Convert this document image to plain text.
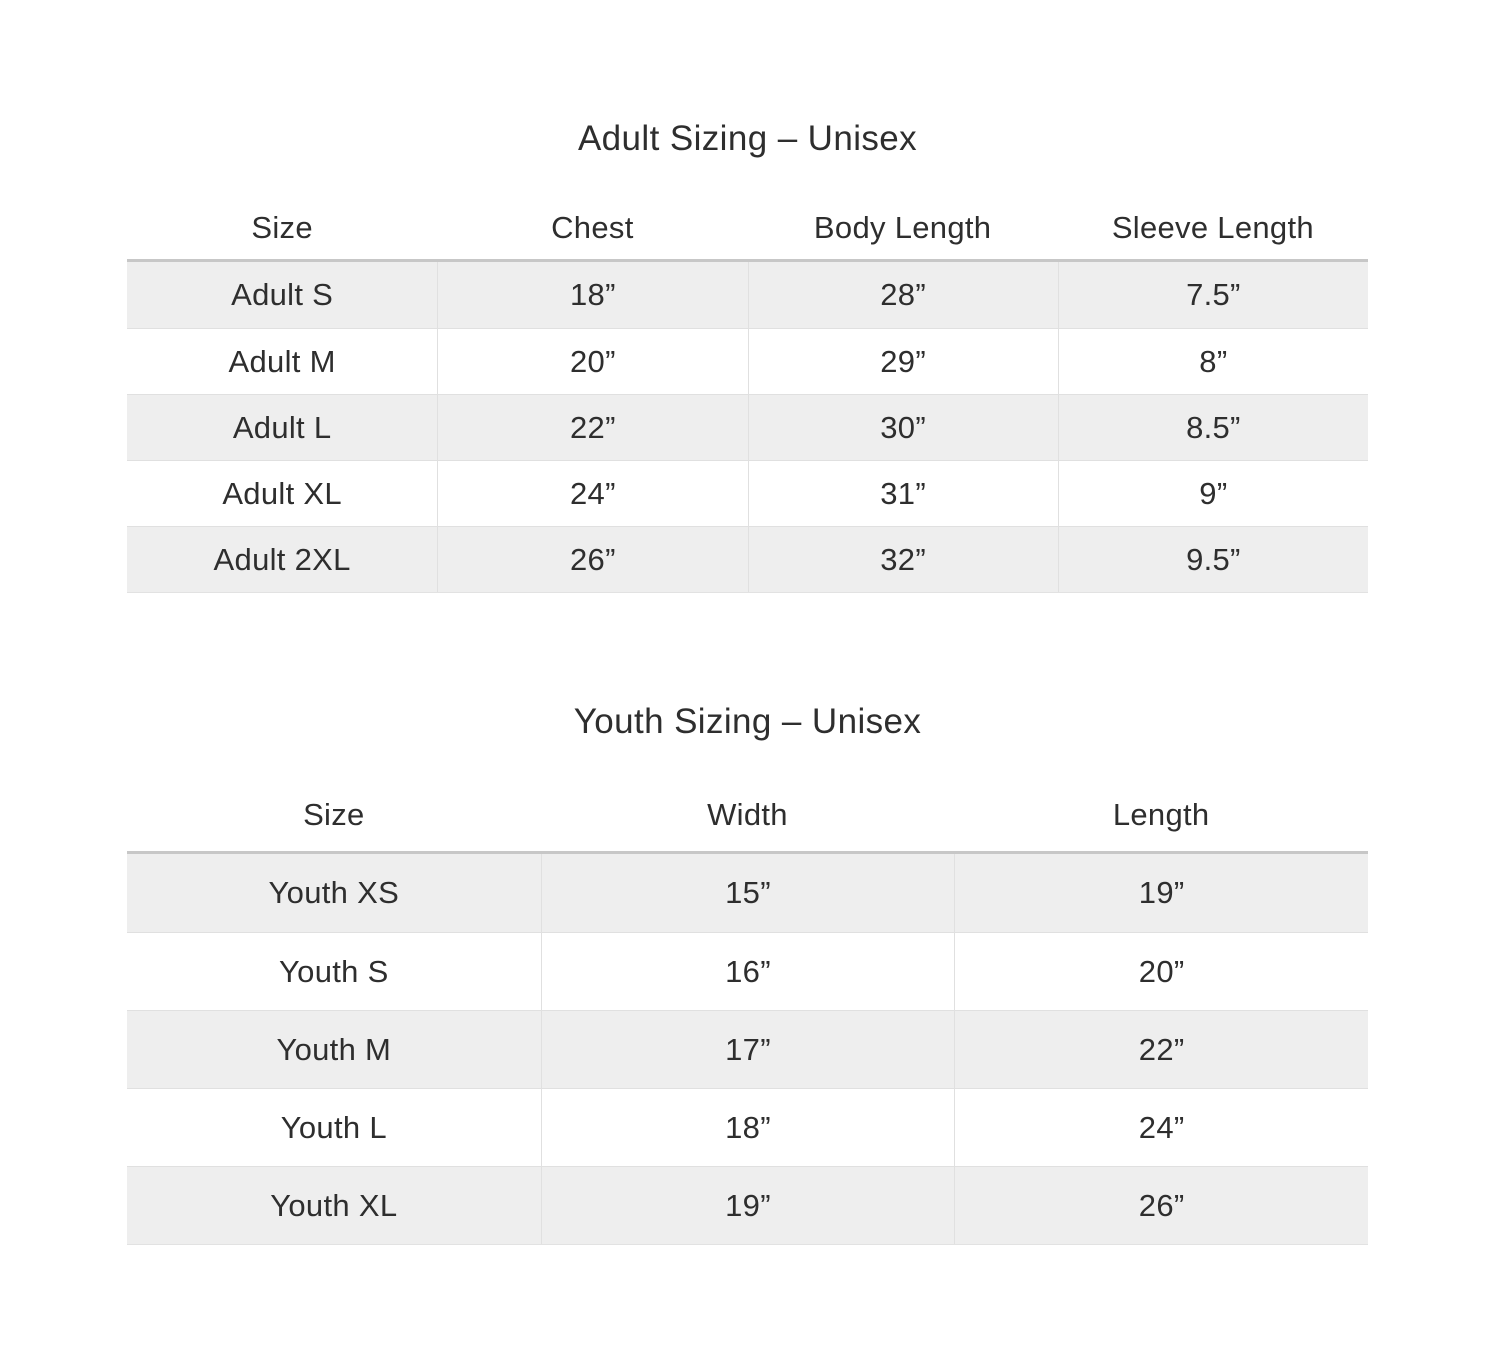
Adult Sizing – Unisex
Size	Chest	Body Length	Sleeve Length
Adult S	18”	28”	7.5”
Adult M	20”	29”	8”
Adult L	22”	30”	8.5”
Adult XL	24”	31”	9”
Adult 2XL	26”	32”	9.5”
Youth Sizing – Unisex
Size	Width	Length
Youth XS	15”	19”
Youth S	16”	20”
Youth M	17”	22”
Youth L	18”	24”
Youth XL	19”	26”
